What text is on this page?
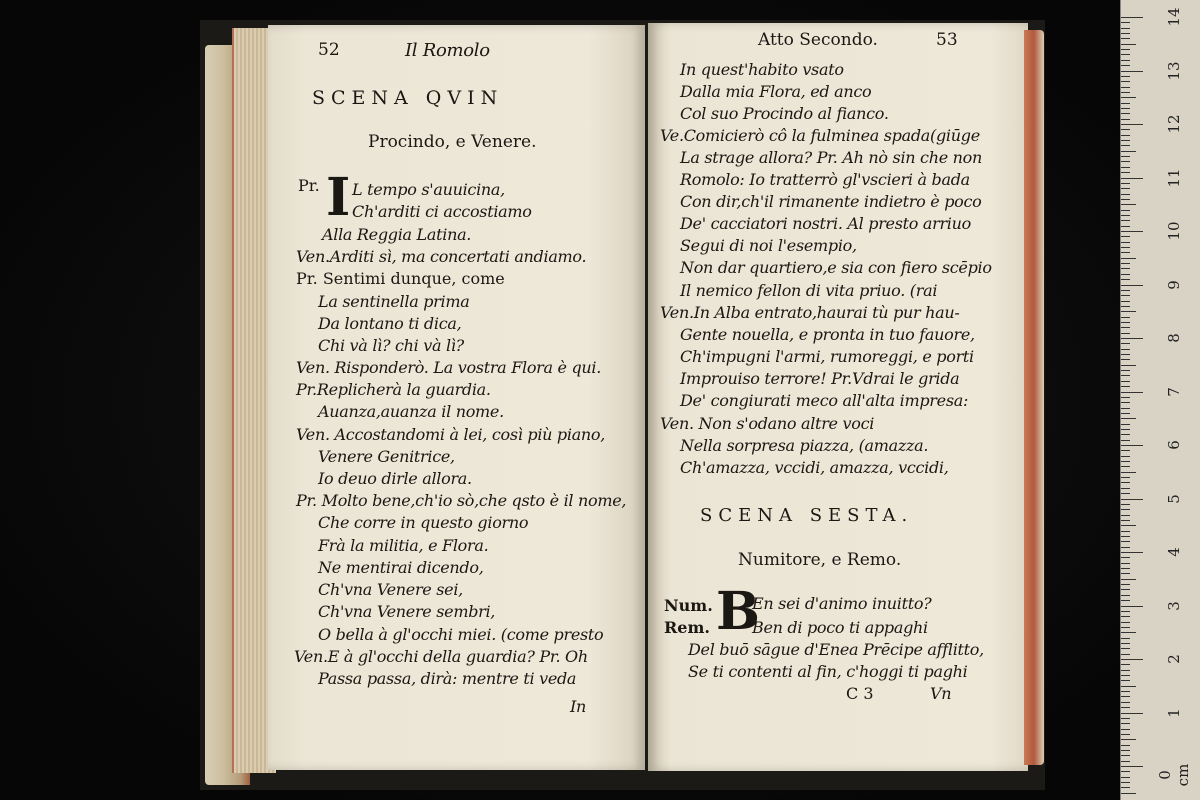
14
13
12
11
10
9
8
7
6
5
4
3
2
1
0 cm
52	Il Romolo
SCENA QVIN
Procindo, e Venere.
Pr. I L tempo s'auuicina,
Ch'arditi ci accostiamo
Alla Reggia Latina.
Ven.Arditi sì, ma concertati andiamo.
Pr. Sentimi dunque, come
La sentinella prima
Da lontano ti dica,
Chi và lì? chi và lì?
Ven. Risponderò. La vostra Flora è qui.
Pr.Replicherà la guardia.
Auanza,auanza il nome.
Ven. Accostandomi à lei, così più piano,
Venere Genitrice,
Io deuo dirle allora.
Pr. Molto bene,ch'io sò,che qsto è il nome,
Che corre in questo giorno
Frà la militia, e Flora.
Ne mentirai dicendo,
Ch'vna Venere sei,
Ch'vna Venere sembri,
O bella à gl'occhi miei. (come presto
Ven.E à gl'occhi della guardia? Pr. Oh
Passa passa, dirà: mentre ti veda
In
Atto Secondo.	53
In quest'habito vsato
Dalla mia Flora, ed anco
Col suo Procindo al fianco.
Ve.Comicierò cô la fulminea spada(giūge
La strage allora? Pr. Ah nò sin che non
Romolo: Io tratterrò gl'vscieri à bada
Con dir,ch'il rimanente indietro è poco
De' cacciatori nostri. Al presto arriuo
Segui di noi l'esempio,
Non dar quartiero,e sia con fiero scēpio
Il nemico fellon di vita priuo. (rai
Ven.In Alba entrato,haurai tù pur hau-
Gente nouella, e pronta in tuo fauore,
Ch'impugni l'armi, rumoreggi, e porti
Improuiso terrore! Pr.Vdrai le grida
De' congiurati meco all'alta impresa:
Ven. Non s'odano altre voci
Nella sorpresa piazza, (amazza.
Ch'amazza, vccidi, amazza, vccidi,
SCENA SESTA.
Numitore, e Remo.
Num. B
En sei d'animo inuitto?
Rem.	Ben di poco ti appaghi
Del buō sāgue d'Enea Prēcipe afflitto,
Se ti contenti al fin, c'hoggi ti paghi
C 3	Vn
